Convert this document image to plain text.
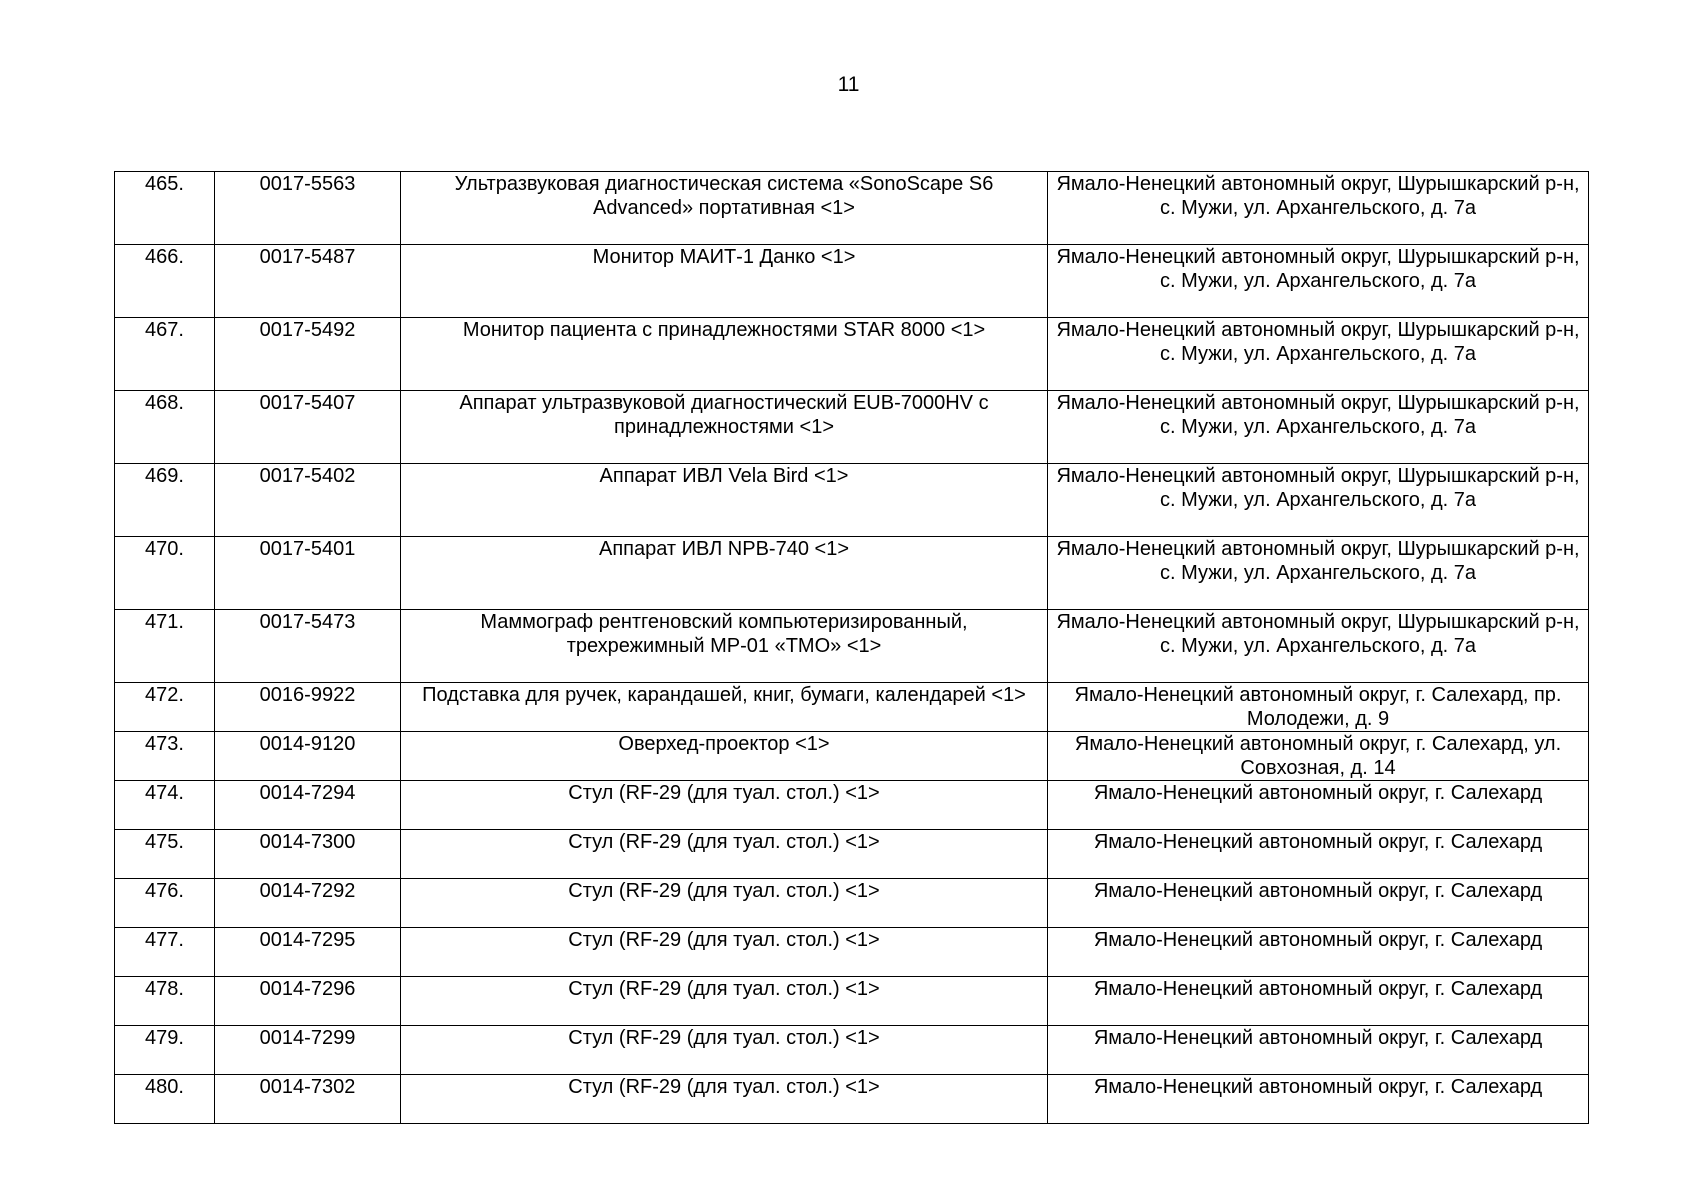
11
465.	0017-5563	Ультразвуковая диагностическая система «SonoScape S6 Advanced» портативная <1>	Ямало-Ненецкий автономный округ, Шурышкарский р-н, с. Мужи, ул. Архангельского, д. 7а

466.	0017-5487	Монитор МАИТ-1 Данко <1>	Ямало-Ненецкий автономный округ, Шурышкарский р-н, с. Мужи, ул. Архангельского, д. 7а

467.	0017-5492	Монитор пациента с принадлежностями STAR 8000 <1>	Ямало-Ненецкий автономный округ, Шурышкарский р-н, с. Мужи, ул. Архангельского, д. 7а

468.	0017-5407	Аппарат ультразвуковой диагностический EUB-7000HV с принадлежностями <1>	Ямало-Ненецкий автономный округ, Шурышкарский р-н, с. Мужи, ул. Архангельского, д. 7а

469.	0017-5402	Аппарат ИВЛ Vela Bird <1>	Ямало-Ненецкий автономный округ, Шурышкарский р-н, с. Мужи, ул. Архангельского, д. 7а

470.	0017-5401	Аппарат ИВЛ NPB-740 <1>	Ямало-Ненецкий автономный округ, Шурышкарский р-н, с. Мужи, ул. Архангельского, д. 7а

471.	0017-5473	Маммограф рентгеновский компьютеризированный, трехрежимный МР-01 «ТМО» <1>	Ямало-Ненецкий автономный округ, Шурышкарский р-н, с. Мужи, ул. Архангельского, д. 7а

472.	0016-9922	Подставка для ручек, карандашей, книг, бумаги, календарей <1>	Ямало-Ненецкий автономный округ, г. Салехард, пр. Молодежи, д. 9

473.	0014-9120	Оверхед-проектор <1>	Ямало-Ненецкий автономный округ, г. Салехард, ул. Совхозная, д. 14

474.	0014-7294	Стул (RF-29 (для туал. стол.) <1>	Ямало-Ненецкий автономный округ, г. Салехард

475.	0014-7300	Стул (RF-29 (для туал. стол.) <1>	Ямало-Ненецкий автономный округ, г. Салехард

476.	0014-7292	Стул (RF-29 (для туал. стол.) <1>	Ямало-Ненецкий автономный округ, г. Салехард

477.	0014-7295	Стул (RF-29 (для туал. стол.) <1>	Ямало-Ненецкий автономный округ, г. Салехард

478.	0014-7296	Стул (RF-29 (для туал. стол.) <1>	Ямало-Ненецкий автономный округ, г. Салехард

479.	0014-7299	Стул (RF-29 (для туал. стол.) <1>	Ямало-Ненецкий автономный округ, г. Салехард

480.	0014-7302	Стул (RF-29 (для туал. стол.) <1>	Ямало-Ненецкий автономный округ, г. Салехард
